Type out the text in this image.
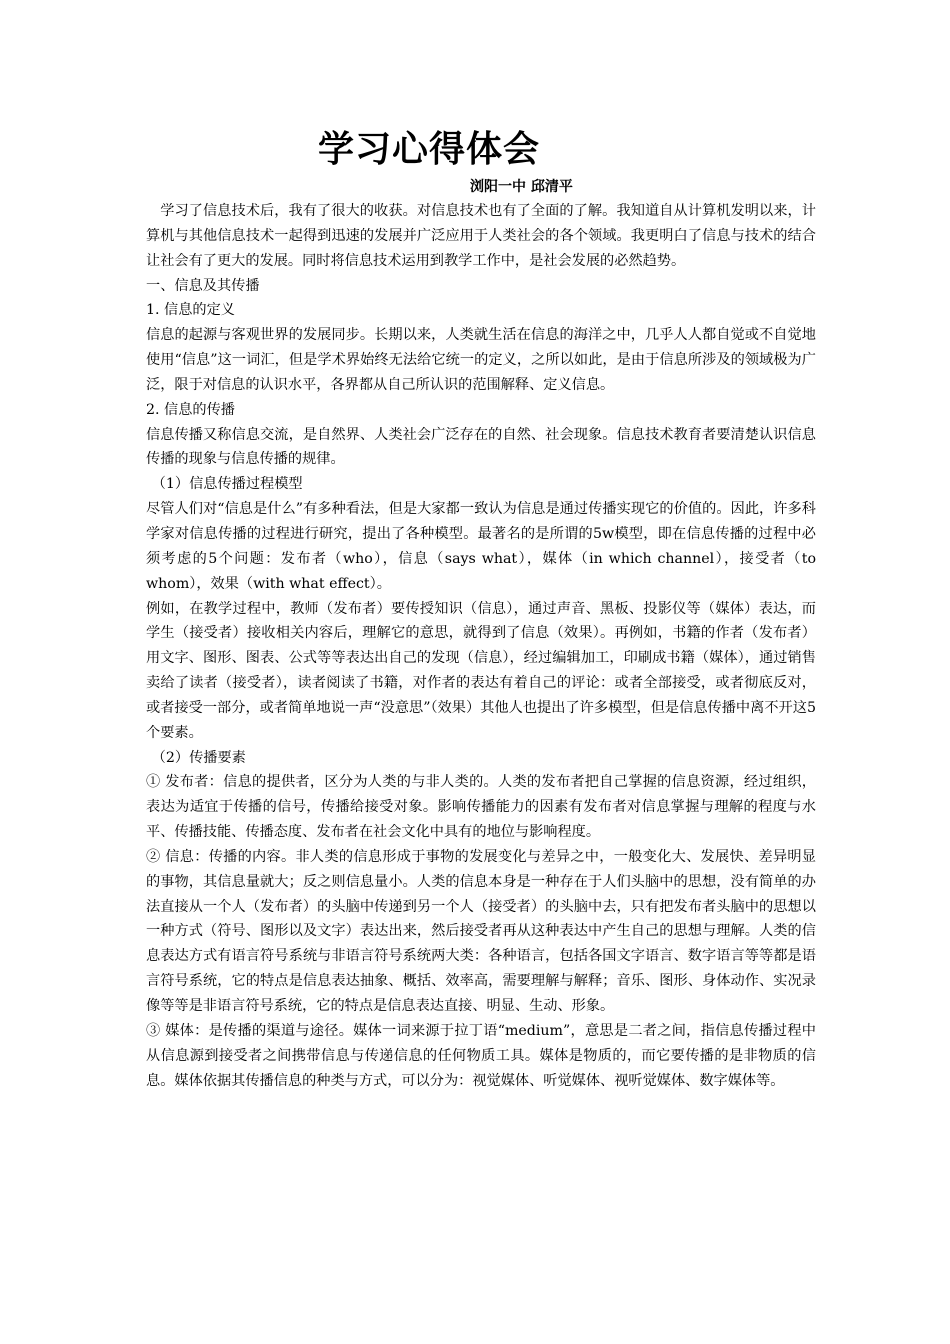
学习心得体会
浏阳一中 邱清平

学习了信息技术后，我有了很大的收获。对信息技术也有了全面的了解。我知道自从计算机发明以来，计算机与其他信息技术一起得到迅速的发展并广泛应用于人类社会的各个领域。我更明白了信息与技术的结合让社会有了更大的发展。同时将信息技术运用到教学工作中，是社会发展的必然趋势。

一、信息及其传播

1. 信息的定义

信息的起源与客观世界的发展同步。长期以来，人类就生活在信息的海洋之中，几乎人人都自觉或不自觉地使用“信息”这一词汇，但是学术界始终无法给它统一的定义，之所以如此，是由于信息所涉及的领域极为广泛，限于对信息的认识水平，各界都从自己所认识的范围解释、定义信息。

2. 信息的传播

信息传播又称信息交流，是自然界、人类社会广泛存在的自然、社会现象。信息技术教育者要清楚认识信息传播的现象与信息传播的规律。

（1）信息传播过程模型

尽管人们对“信息是什么”有多种看法，但是大家都一致认为信息是通过传播实现它的价值的。因此，许多科学家对信息传播的过程进行研究，提出了各种模型。最著名的是所谓的5w模型，即在信息传播的过程中必须考虑的5个问题：发布者（who），信息（says what），媒体（in which channel），接受者（to whom），效果（with what effect）。

例如，在教学过程中，教师（发布者）要传授知识（信息），通过声音、黑板、投影仪等（媒体）表达，而学生（接受者）接收相关内容后，理解它的意思，就得到了信息（效果）。再例如，书籍的作者（发布者）用文字、图形、图表、公式等等表达出自己的发现（信息），经过编辑加工，印刷成书籍（媒体），通过销售卖给了读者（接受者），读者阅读了书籍，对作者的表达有着自己的评论：或者全部接受，或者彻底反对，或者接受一部分，或者简单地说一声“没意思”（效果）其他人也提出了许多模型，但是信息传播中离不开这5个要素。

（2）传播要素

① 发布者：信息的提供者，区分为人类的与非人类的。人类的发布者把自己掌握的信息资源，经过组织，表达为适宜于传播的信号，传播给接受对象。影响传播能力的因素有发布者对信息掌握与理解的程度与水平、传播技能、传播态度、发布者在社会文化中具有的地位与影响程度。

② 信息：传播的内容。非人类的信息形成于事物的发展变化与差异之中，一般变化大、发展快、差异明显的事物，其信息量就大；反之则信息量小。人类的信息本身是一种存在于人们头脑中的思想，没有简单的办法直接从一个人（发布者）的头脑中传递到另一个人（接受者）的头脑中去，只有把发布者头脑中的思想以一种方式（符号、图形以及文字）表达出来，然后接受者再从这种表达中产生自己的思想与理解。人类的信息表达方式有语言符号系统与非语言符号系统两大类：各种语言，包括各国文字语言、数字语言等等都是语言符号系统，它的特点是信息表达抽象、概括、效率高，需要理解与解释；音乐、图形、身体动作、实况录像等等是非语言符号系统，它的特点是信息表达直接、明显、生动、形象。

③ 媒体：是传播的渠道与途径。媒体一词来源于拉丁语“medium”，意思是二者之间，指信息传播过程中从信息源到接受者之间携带信息与传递信息的任何物质工具。媒体是物质的，而它要传播的是非物质的信息。媒体依据其传播信息的种类与方式，可以分为：视觉媒体、听觉媒体、视听觉媒体、数字媒体等。
